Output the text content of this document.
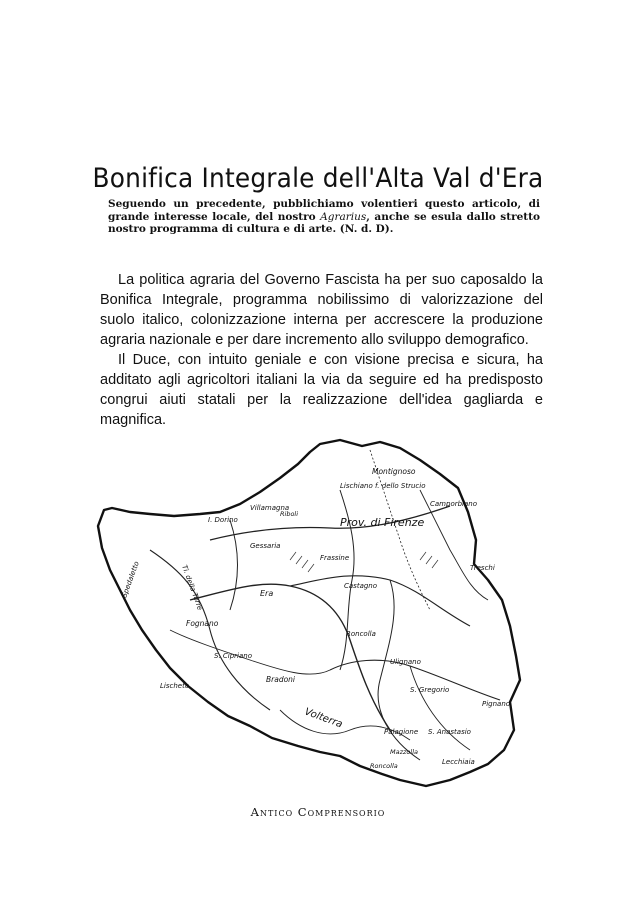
Bonifica Integrale dell'Alta Val d'Era

Seguendo un precedente, pubblichiamo volentieri questo articolo, di grande interesse locale, del nostro Agrarius, anche se esula dallo stretto nostro programma di cultura e di arte. (N. d. D).

La politica agraria del Governo Fascista ha per suo caposaldo la Bonifica Integrale, programma nobilissimo di valorizzazione del suolo italico, colonizzazione interna per accrescere la produzione agraria nazionale e per dare incremento allo sviluppo demografico.

Il Duce, con intuito geniale e con visione precisa e sicura, ha additato agli agricoltori italiani la via da seguire ed ha predisposto congrui aiuti statali per la realizzazione dell'idea gagliarda e magnifica.

Montignoso
Lischiano f. dello Strucio
Camporbiano
Prov. di Firenze
I. Dorino
Villamagna
Riboli
Ti. della Torre
Gessaria
Frassine
Era
Spedaletto
Fognano
Castagno
Treschi
Roncolla
Ulignano
S. Cipriano
Lischeto
Bradoni
Volterra
S. Gregorio
Pignano
Palagione S. Anastasio
Lecchiaia
Mazzolla
Roncolla
Antico Comprensorio
